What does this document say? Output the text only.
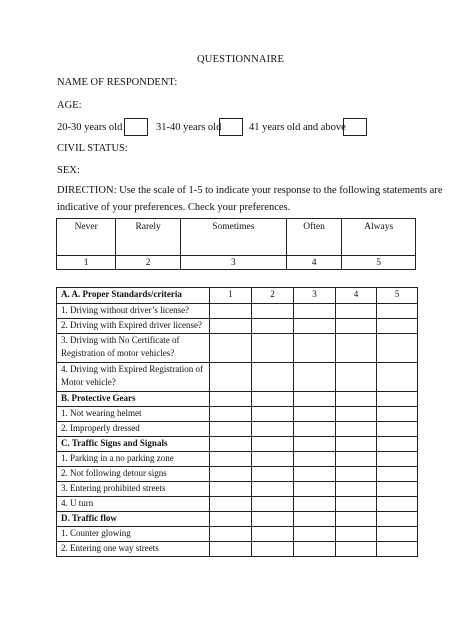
QUESTIONNAIRE
NAME OF RESPONDENT:
AGE:
20-30 years old	31-40 years old	41 years old and above
CIVIL STATUS:
SEX:
DIRECTION: Use the scale of 1-5 to indicate your response to the following statements are
indicative of your preferences. Check your preferences.
Never	Rarely	Sometimes	Often	Always
1	2	3	4	5
A. A. Proper Standards/criteria	1	2	3	4	5
1. Driving without driver’s license?					
2. Driving with Expired driver license?					
3. Driving with No Certificate of
Registration of motor vehicles?					
4. Driving with Expired Registration of
Motor vehicle?					
B. Protective Gears					
1. Not wearing helmet					
2. Improperly dressed					
C. Traffic Signs and Signals					
1. Parking in a no parking zone					
2. Not following detour signs					
3. Entering prohibited streets					
4. U turn					
D. Traffic flow					
1. Counter glowing					
2. Entering one way streets					
